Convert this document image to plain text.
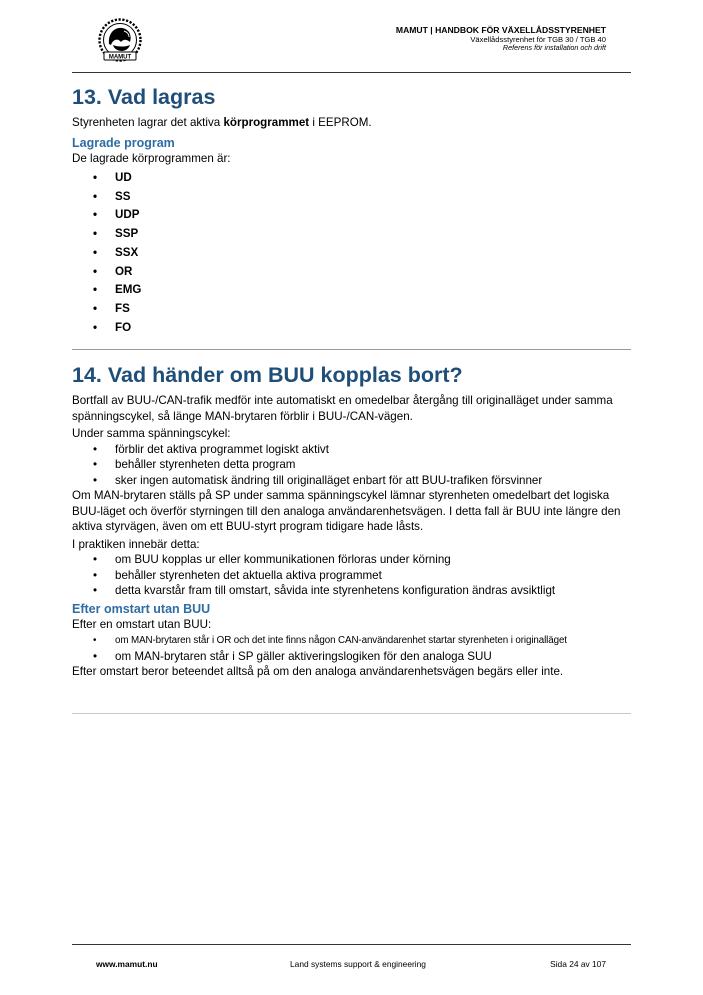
MAMUT
MAMUT | HANDBOK FÖR VÄXELLÅDSSTYRENHET
Växellådsstyrenhet för TGB 30 / TGB 40
Referens för installation och drift
13. Vad lagras

Styrenheten lagrar det aktiva körprogrammet i EEPROM.

Lagrade program

De lagrade körprogrammen är:

• UD
• SS
• UDP
• SSP
• SSX
• OR
• EMG
• FS
• FO
14. Vad händer om BUU kopplas bort?

Bortfall av BUU-/CAN-trafik medför inte automatiskt en omedelbar återgång till originalläget under samma spänningscykel, så länge MAN-brytaren förblir i BUU-/CAN-vägen.

Under samma spänningscykel:

• förblir det aktiva programmet logiskt aktivt
• behåller styrenheten detta program
• sker ingen automatisk ändring till originalläget enbart för att BUU-trafiken försvinner

Om MAN-brytaren ställs på SP under samma spänningscykel lämnar styrenheten omedelbart det logiska BUU-läget och överför styrningen till den analoga användarenhetsvägen. I detta fall är BUU inte längre den aktiva styrvägen, även om ett BUU-styrt program tidigare hade låsts.

I praktiken innebär detta:

• om BUU kopplas ur eller kommunikationen förloras under körning
• behåller styrenheten det aktuella aktiva programmet
• detta kvarstår fram till omstart, såvida inte styrenhetens konfiguration ändras avsiktligt
Efter omstart utan BUU

Efter en omstart utan BUU:

• om MAN-brytaren står i OR och det inte finns någon CAN-användarenhet startar styrenheten i originalläget
• om MAN-brytaren står i SP gäller aktiveringslogiken för den analoga SUU

Efter omstart beror beteendet alltså på om den analoga användarenhetsvägen begärs eller inte.

www.mamut.nu	Land systems support & engineering	Sida 24 av 107
